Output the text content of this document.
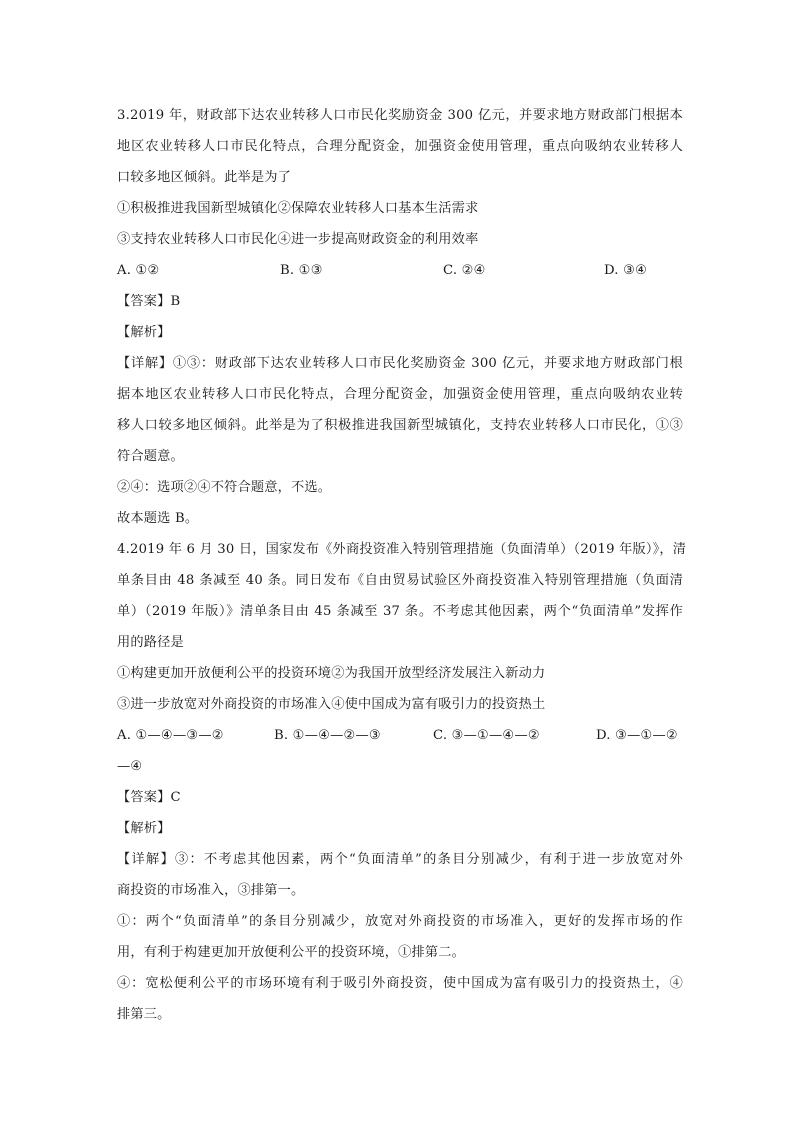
3.2019 年，财政部下达农业转移人口市民化奖励资金 300 亿元，并要求地方财政部门根据本

地区农业转移人口市民化特点，合理分配资金，加强资金使用管理，重点向吸纳农业转移人

口较多地区倾斜。此举是为了

①积极推进我国新型城镇化②保障农业转移人口基本生活需求

③支持农业转移人口市民化④进一步提高财政资金的利用效率

A. ①②	B. ①③	C. ②④	D. ③④

【答案】B

【解析】

【详解】①③：财政部下达农业转移人口市民化奖励资金 300 亿元，并要求地方财政部门根

据本地区农业转移人口市民化特点，合理分配资金，加强资金使用管理，重点向吸纳农业转

移人口较多地区倾斜。此举是为了积极推进我国新型城镇化，支持农业转移人口市民化，①③

符合题意。

②④：选项②④不符合题意，不选。

故本题选 B。

4.2019 年 6 月 30 日，国家发布《外商投资准入特别管理措施（负面清单）（2019 年版）》，清

单条目由 48 条减至 40 条。同日发布《自由贸易试验区外商投资准入特别管理措施（负面清

单）（2019 年版）》清单条目由 45 条减至 37 条。不考虑其他因素，两个“负面清单”发挥作

用的路径是

①构建更加开放便利公平的投资环境②为我国开放型经济发展注入新动力

③进一步放宽对外商投资的市场准入④使中国成为富有吸引力的投资热土

A. ①—④—③—②	B. ①—④—②—③	C. ③—①—④—②	D. ③—①—②

—④

【答案】C

【解析】

【详解】③：不考虑其他因素，两个“负面清单”的条目分别减少，有利于进一步放宽对外

商投资的市场准入，③排第一。

①：两个“负面清单”的条目分别减少，放宽对外商投资的市场准入，更好的发挥市场的作

用，有利于构建更加开放便利公平的投资环境，①排第二。

④：宽松便利公平的市场环境有利于吸引外商投资，使中国成为富有吸引力的投资热土，④

排第三。
